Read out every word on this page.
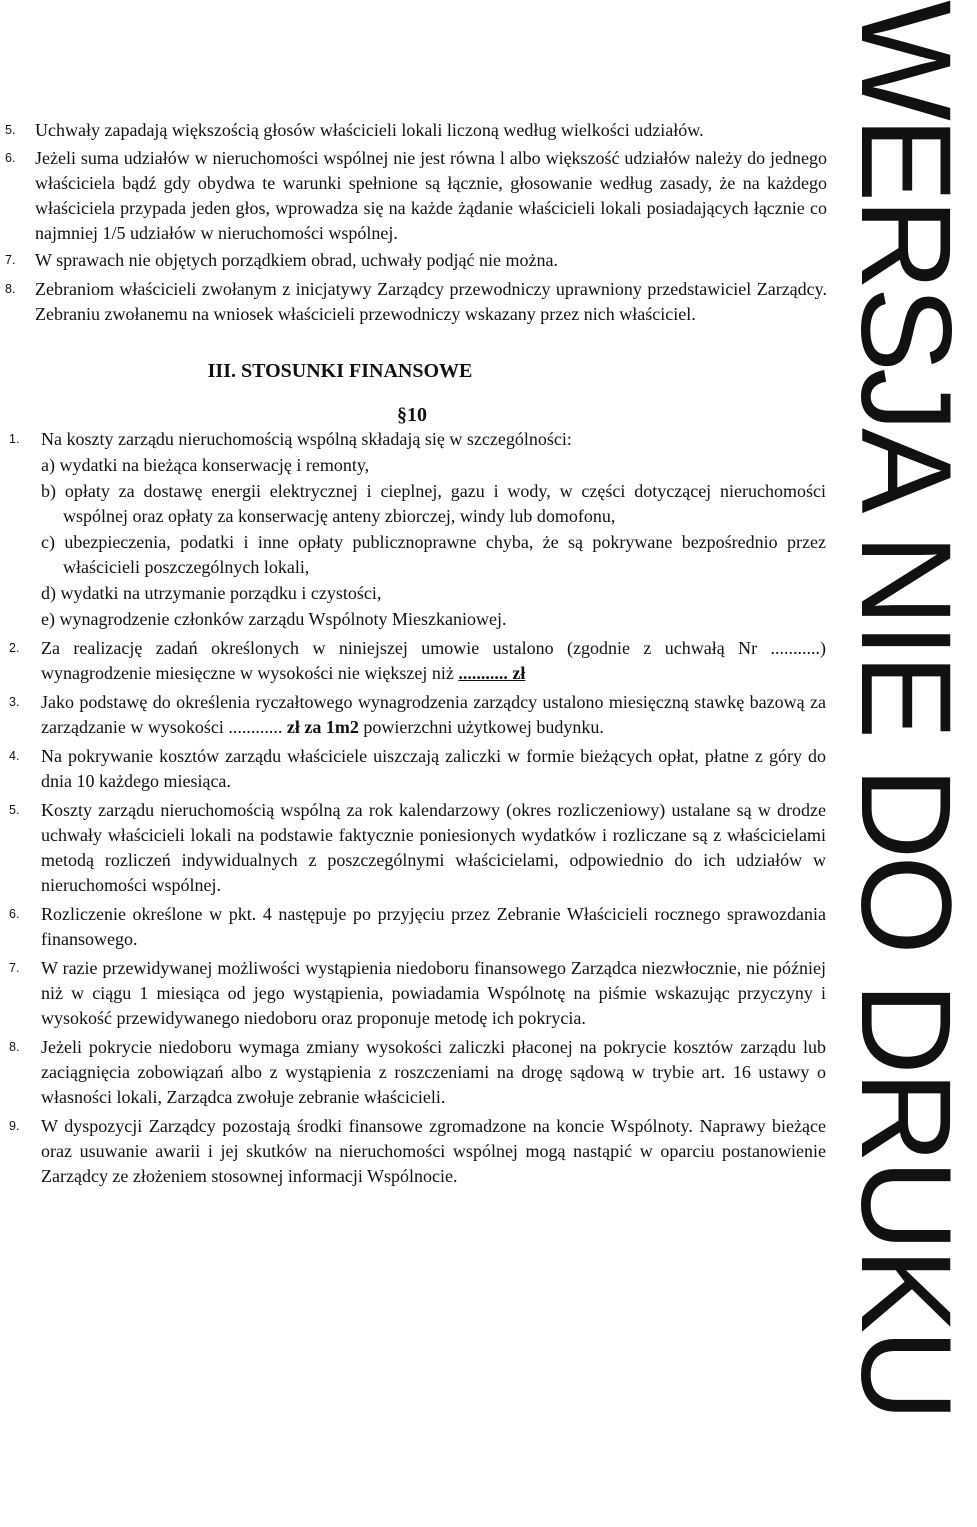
WERSJA NIE DO DRUKU
5. Uchwały zapadają większością głosów właścicieli lokali liczoną według wielkości udziałów.
6. Jeżeli suma udziałów w nieruchomości wspólnej nie jest równa l albo większość udziałów należy do jednego właściciela bądź gdy obydwa te warunki spełnione są łącznie, głosowanie według zasady, że na każdego właściciela przypada jeden głos, wprowadza się na każde żądanie właścicieli lokali posiadających łącznie co najmniej 1/5 udziałów w nieruchomości wspólnej.
7. W sprawach nie objętych porządkiem obrad, uchwały podjąć nie można.
8. Zebraniom właścicieli zwołanym z inicjatywy Zarządcy przewodniczy uprawniony przedstawiciel Zarządcy. Zebraniu zwołanemu na wniosek właścicieli przewodniczy wskazany przez nich właściciel.
III. STOSUNKI FINANSOWE
§10
1. Na koszty zarządu nieruchomością wspólną składają się w szczególności:
a) wydatki na bieżąca konserwację i remonty,
b) opłaty za dostawę energii elektrycznej i cieplnej, gazu i wody, w części dotyczącej nieruchomości wspólnej oraz opłaty za konserwację anteny zbiorczej, windy lub domofonu,
c) ubezpieczenia, podatki i inne opłaty publicznoprawne chyba, że są pokrywane bezpośrednio przez właścicieli poszczególnych lokali,
d) wydatki na utrzymanie porządku i czystości,
e) wynagrodzenie członków zarządu Wspólnoty Mieszkaniowej.
2. Za realizację zadań określonych w niniejszej umowie ustalono (zgodnie z uchwałą Nr ...........) wynagrodzenie miesięczne w wysokości nie większej niż ........... zł
3. Jako podstawę do określenia ryczałtowego wynagrodzenia zarządcy ustalono miesięczną stawkę bazową za zarządzanie w wysokości ............ zł za 1m2 powierzchni użytkowej budynku.
4. Na pokrywanie kosztów zarządu właściciele uiszczają zaliczki w formie bieżących opłat, płatne z góry do dnia 10 każdego miesiąca.
5. Koszty zarządu nieruchomością wspólną za rok kalendarzowy (okres rozliczeniowy) ustalane są w drodze uchwały właścicieli lokali na podstawie faktycznie poniesionych wydatków i rozliczane są z właścicielami metodą rozliczeń indywidualnych z poszczególnymi właścicielami, odpowiednio do ich udziałów w nieruchomości wspólnej.
6. Rozliczenie określone w pkt. 4 następuje po przyjęciu przez Zebranie Właścicieli rocznego sprawozdania finansowego.
7. W razie przewidywanej możliwości wystąpienia niedoboru finansowego Zarządca niezwłocznie, nie później niż w ciągu 1 miesiąca od jego wystąpienia, powiadamia Wspólnotę na piśmie wskazując przyczyny i wysokość przewidywanego niedoboru oraz proponuje metodę ich pokrycia.
8. Jeżeli pokrycie niedoboru wymaga zmiany wysokości zaliczki płaconej na pokrycie kosztów zarządu lub zaciągnięcia zobowiązań albo z wystąpienia z roszczeniami na drogę sądową w trybie art. 16 ustawy o własności lokali, Zarządca zwołuje zebranie właścicieli.
9. W dyspozycji Zarządcy pozostają środki finansowe zgromadzone na koncie Wspólnoty. Naprawy bieżące oraz usuwanie awarii i jej skutków na nieruchomości wspólnej mogą nastąpić w oparciu postanowienie Zarządcy ze złożeniem stosownej informacji Wspólnocie.
